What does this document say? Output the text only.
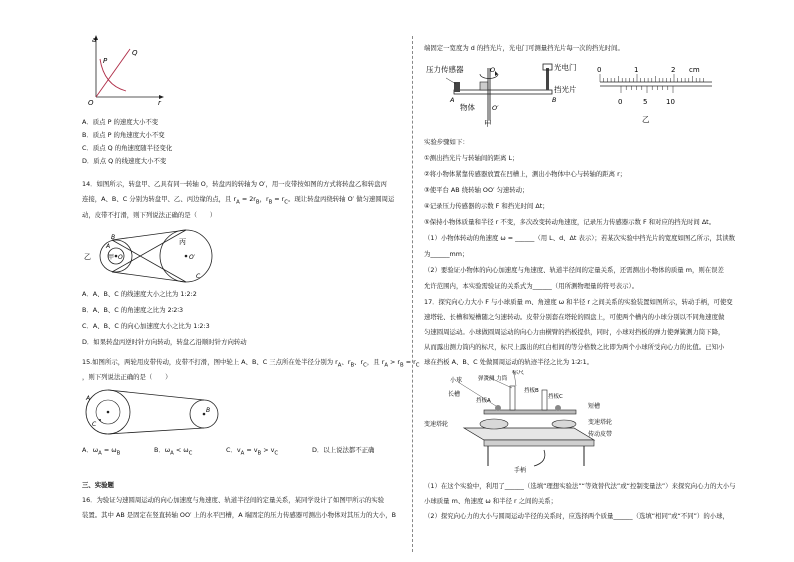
a
r
O
P
Q
A．质点 P 的速度大小不变
B．质点 P 的角速度大小不变
C．质点 Q 的角速度随半径变化
D．质点 Q 的线速度大小不变
14．如图所示，转盘甲、乙具有同一转轴 O，转盘丙的转轴为 O′，用一皮带按如图的方式将转盘乙和转盘丙
连接，A、B、C 分别为转盘甲、乙、丙边缘的点，且 $r_A = 2r_B$，$r_B = r_C$。现让转盘丙绕转轴 O′ 做匀速圆周运
动，皮带不打滑，则下列说法正确的是（　　）
乙	甲 O
B
A
丙
O′
C
A．A、B、C 的线速度大小之比为 1:2:2
B．A、B、C 的角速度之比为 2∶2∶3
C．A、B、C 的向心加速度大小之比为 1:2:3
D．如果转盘丙逆时针方向转动，转盘乙沿顺时针方向转动
15.如图所示，两轮用皮带传动，皮带不打滑，图中轮上 A、B、C 三点所在处半径分别为 $r_A$、$r_B$、$r_C$，且 $r_A > r_B = r_C$
，则下列说法正确的是（　　）
A
C
B
A．$\omega_A = \omega_B$	B．$\omega_A < \omega_C$	C．$v_A = v_B > v_C$	D．以上说法都不正确
三、实验题
16．为验证匀速圆周运动的向心加速度与角速度、轨道半径间的定量关系，某同学设计了如图甲所示的实验
装置。其中 AB 是固定在竖直转轴 OO′ 上的水平凹槽，A 端固定的压力传感器可测出小物体对其压力的大小，B
端固定一宽度为 d 的挡光片，光电门可测量挡光片每一次的挡光时间。
压力传感器	光电门
挡光片
O
A	B
物体	O′
甲
0	1	2 cm
0	5	10
乙
实验步骤如下：
①测出挡光片与转轴间的距离 L；
②将小物体紧靠传感器放置在凹槽上，测出小物体中心与转轴的距离 r；
③使平台 AB 绕转轴 OO′ 匀速转动；
④记录压力传感器的示数 F 和挡光时间 Δt；
⑤保持小物体质量和半径 r 不变，多次改变转动角速度，记录压力传感器示数 F 和对应的挡光时间 Δt。
（1）小物体转动的角速度 ω = ______（用 L、d、Δt 表示）；若某次实验中挡光片的宽度如图乙所示，其读数
为______mm；
（2）要验证小物体的向心加速度与角速度、轨道半径间的定量关系，还需测出小物体的质量 m，则在误差
允许范围内，本实验需验证的关系式为______（用所测物理量的符号表示）。
17．探究向心力大小 F 与小球质量 m、角速度 ω 和半径 r 之间关系的实验装置如图所示，转动手柄，可使变
速塔轮、长槽和短槽随之匀速转动。皮带分别套在塔轮的圆盘上，可使两个槽内的小球分别以不同角速度做
匀速圆周运动。小球做圆周运动的向心力由横臂的挡板提供，同时，小球对挡板的弹力使弹簧测力筒下降，
从而露出测力筒内的标尺，标尺上露出的红白相间的等分格数之比即为两个小球所受向心力的比值。已知小
球在挡板 A、B、C 处做圆周运动的轨迹半径之比为 1∶2∶1。
小球
标尺
弹簧测 力筒
长槽
挡板A
挡板B
挡板C
短槽
变速塔轮	变速塔轮
传动皮带
手柄
（1）在这个实验中，利用了______（选填“理想实验法”“等效替代法”或“控制变量法”）来探究向心力的大小与
小球质量 m、角速度 ω 和半径 r 之间的关系；
（2）探究向心力的大小与圆周运动半径的关系时，应选择两个质量______（选填“相同”或“不同”）的小球，
